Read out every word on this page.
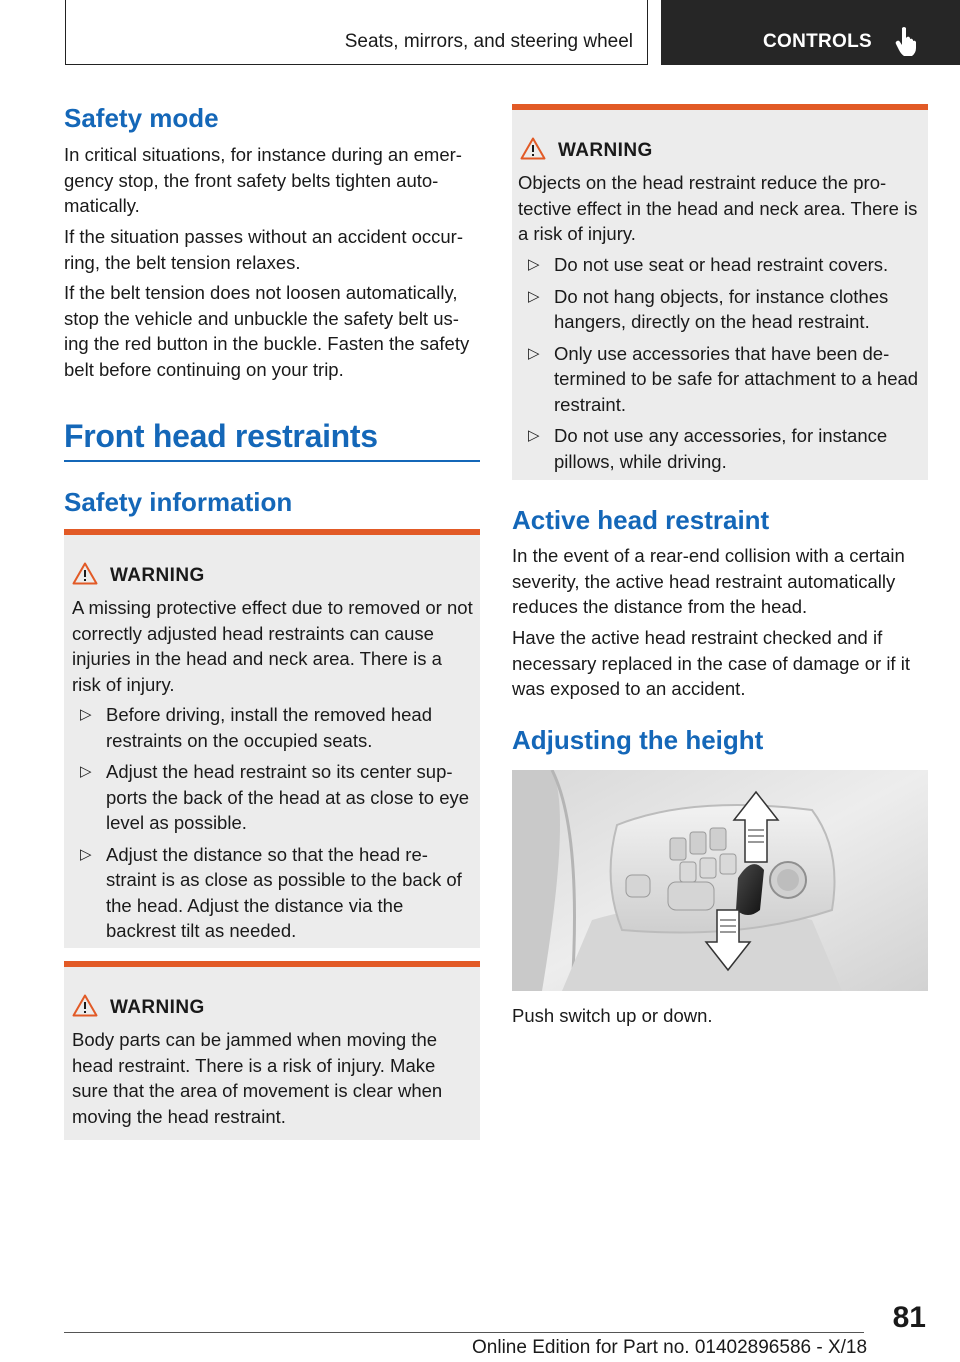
Seats, mirrors, and steering wheel	CONTROLS
Safety mode
In critical situations, for instance during an emer‐gency stop, the front safety belts tighten auto‐matically.
If the situation passes without an accident occur‐ring, the belt tension relaxes.
If the belt tension does not loosen automatically, stop the vehicle and unbuckle the safety belt us‐ing the red button in the buckle. Fasten the safety belt before continuing on your trip.
Front head restraints
Safety information
WARNING
A missing protective effect due to removed or not correctly adjusted head restraints can cause injuries in the head and neck area. There is a risk of injury.
▷ Before driving, install the removed head restraints on the occupied seats.
▷ Adjust the head restraint so its center sup‐ports the back of the head at as close to eye level as possible.
▷ Adjust the distance so that the head re‐straint is as close as possible to the back of the head. Adjust the distance via the backrest tilt as needed.
WARNING
Body parts can be jammed when moving the head restraint. There is a risk of injury. Make sure that the area of movement is clear when moving the head restraint.
WARNING
Objects on the head restraint reduce the pro‐tective effect in the head and neck area. There is a risk of injury.
▷ Do not use seat or head restraint covers.
▷ Do not hang objects, for instance clothes hangers, directly on the head restraint.
▷ Only use accessories that have been de‐termined to be safe for attachment to a head restraint.
▷ Do not use any accessories, for instance pillows, while driving.
Active head restraint
In the event of a rear-end collision with a certain severity, the active head restraint automatically reduces the distance from the head.
Have the active head restraint checked and if necessary replaced in the case of damage or if it was exposed to an accident.
Adjusting the height
Push switch up or down.
81
Online Edition for Part no. 01402896586 - X/18
